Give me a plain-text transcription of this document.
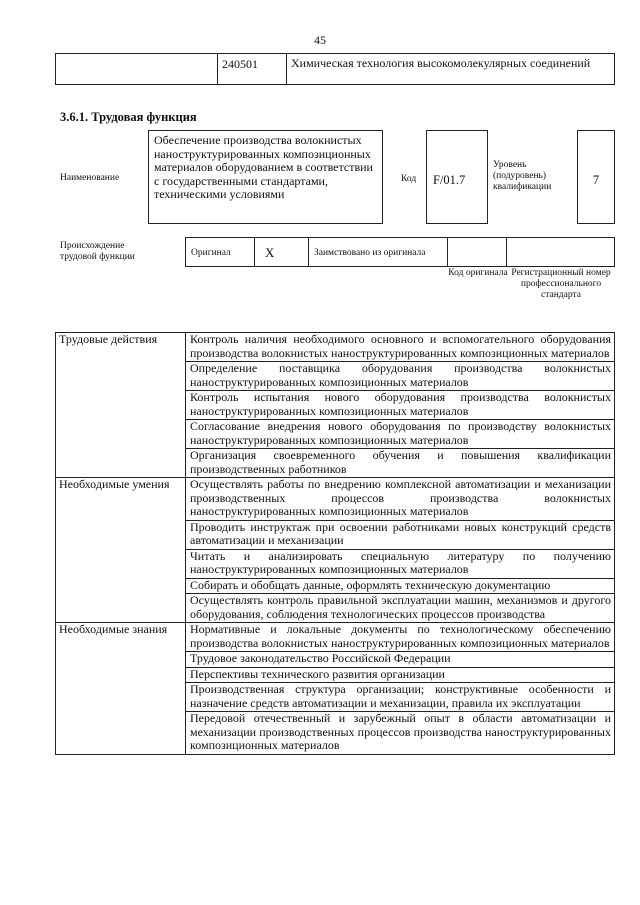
45
240501	Химическая технология высокомолекулярных соединений
3.6.1. Трудовая функция
Наименование
Обеспечение производства волокнистых наноструктурированных композиционных материалов оборудованием в соответствии с государственными стандартами, техническими условиями
Код	F/01.7
Уровень (подуровень) квалификации	7
Происхождение трудовой функции	Оригинал	X	Заимствовано из оригинала
Код оригинала Регистрационный номер профессионального стандарта
Трудовые действия	Контроль наличия необходимого основного и вспомогательного оборудования производства волокнистых наноструктурированных композиционных материалов
	Определение поставщика оборудования производства волокнистых наноструктурированных композиционных материалов
	Контроль испытания нового оборудования производства волокнистых наноструктурированных композиционных материалов
	Согласование внедрения нового оборудования по производству волокнистых наноструктурированных композиционных материалов
	Организация своевременного обучения и повышения квалификации производственных работников
Необходимые умения	Осуществлять работы по внедрению комплексной автоматизации и механизации производственных процессов производства волокнистых наноструктурированных композиционных материалов
	Проводить инструктаж при освоении работниками новых конструкций средств автоматизации и механизации
	Читать и анализировать специальную литературу по получению наноструктурированных композиционных материалов
	Собирать и обобщать данные, оформлять техническую документацию
	Осуществлять контроль правильной эксплуатации машин, механизмов и другого оборудования, соблюдения технологических процессов производства
Необходимые знания	Нормативные и локальные документы по технологическому обеспечению производства волокнистых наноструктурированных композиционных материалов
	Трудовое законодательство Российской Федерации
	Перспективы технического развития организации
	Производственная структура организации; конструктивные особенности и назначение средств автоматизации и механизации, правила их эксплуатации
	Передовой отечественный и зарубежный опыт в области автоматизации и механизации производственных процессов производства наноструктурированных композиционных материалов
